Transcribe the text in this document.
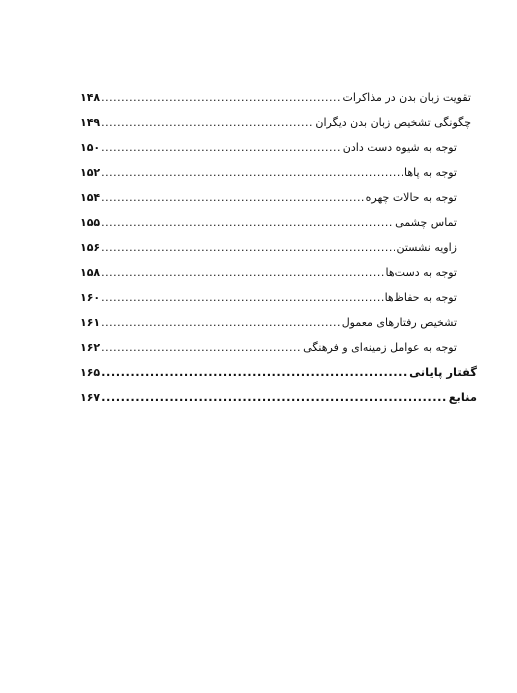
تقویت زبان بدن در مذاکرات
.....
۱۴۸
چگونگی تشخیص زبان بدن دیگران
.....
۱۴۹
توجه به شیوه دست دادن
.....
۱۵۰
توجه به پاها
.....
۱۵۲
توجه به حالات چهره
.....
۱۵۴
تماس چشمی
.....
۱۵۵
زاویه نشستن
.....
۱۵۶
توجه به دست‌ها
.....
۱۵۸
توجه به حفاظ‌ها
.....
۱۶۰
تشخیص رفتارهای معمول
.....
۱۶۱
توجه به عوامل زمینه‌ای و فرهنگی
.....
۱۶۲
گفتار پایانی
.....
۱۶۵
منابع
.....
۱۶۷
